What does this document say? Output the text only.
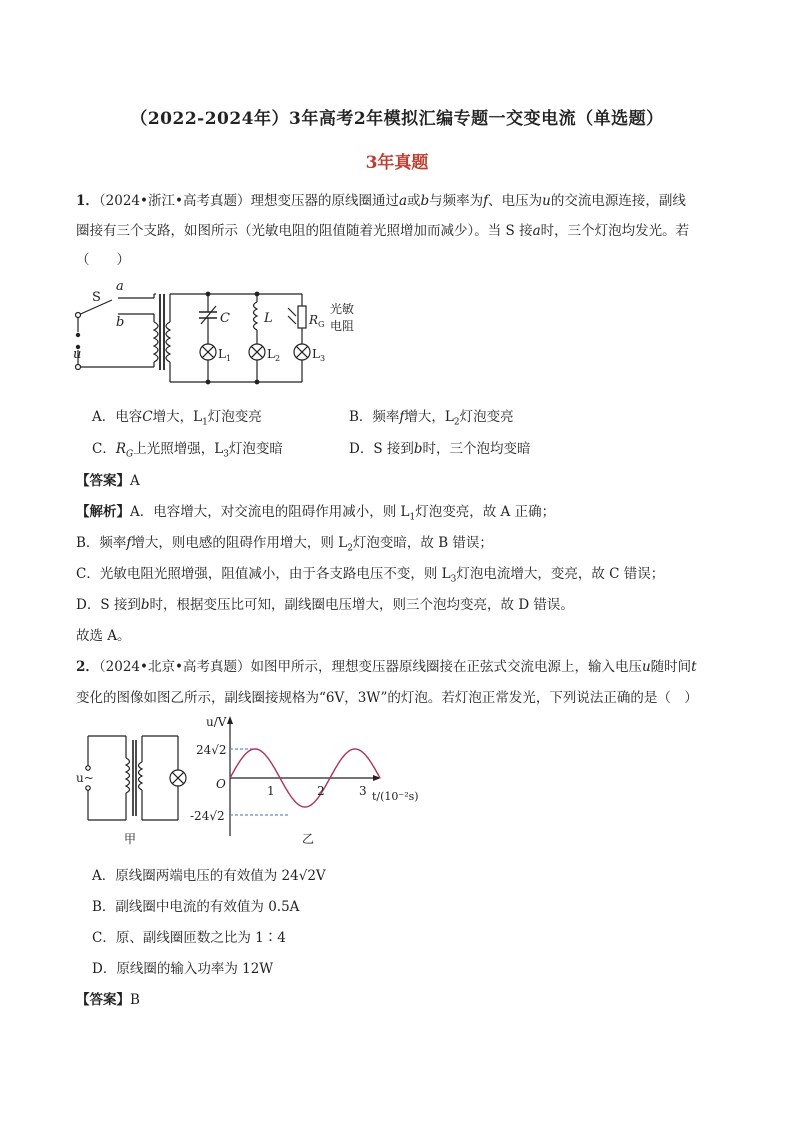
（2022-2024年）3年高考2年模拟汇编专题一交变电流（单选题）
3年真题
1．（2024•浙江•高考真题）理想变压器的原线圈通过a或b与频率为f、电压为u的交流电源连接，副线
圈接有三个支路，如图所示（光敏电阻的阻值随着光照增加而减少）。当 S 接a时，三个灯泡均发光。若
（　　）
S
a
b
u
C	L	$R_G$
光敏
电阻
$L_1$	$L_2$	$L_3$
A．电容C增大，$L_1$灯泡变亮	B．频率f增大，$L_2$灯泡变亮
C．$R_G$上光照增强，$L_3$灯泡变暗	D．S 接到b时，三个泡均变暗
【答案】A
【解析】A．电容增大，对交流电的阻碍作用减小，则 $L_1$灯泡变亮，故 A 正确；
B．频率f增大，则电感的阻碍作用增大，则 $L_2$灯泡变暗，故 B 错误；
C．光敏电阻光照增强，阻值减小，由于各支路电压不变，则 $L_3$灯泡电流增大，变亮，故 C 错误；
D．S 接到b时，根据变压比可知，副线圈电压增大，则三个泡均变亮，故 D 错误。
故选 A。
2．（2024•北京•高考真题）如图甲所示，理想变压器原线圈接在正弦式交流电源上，输入电压u随时间t
变化的图像如图乙所示，副线圈接规格为“6V，3W”的灯泡。若灯泡正常发光，下列说法正确的是（　）
u/V
24√2
-24√2
O	1	2	3 t/(10⁻²s)
u~
甲	乙
A．原线圈两端电压的有效值为 24√2V
B．副线圈中电流的有效值为 0.5A
C．原、副线圈匝数之比为 1∶4
D．原线圈的输入功率为 12W
【答案】B
